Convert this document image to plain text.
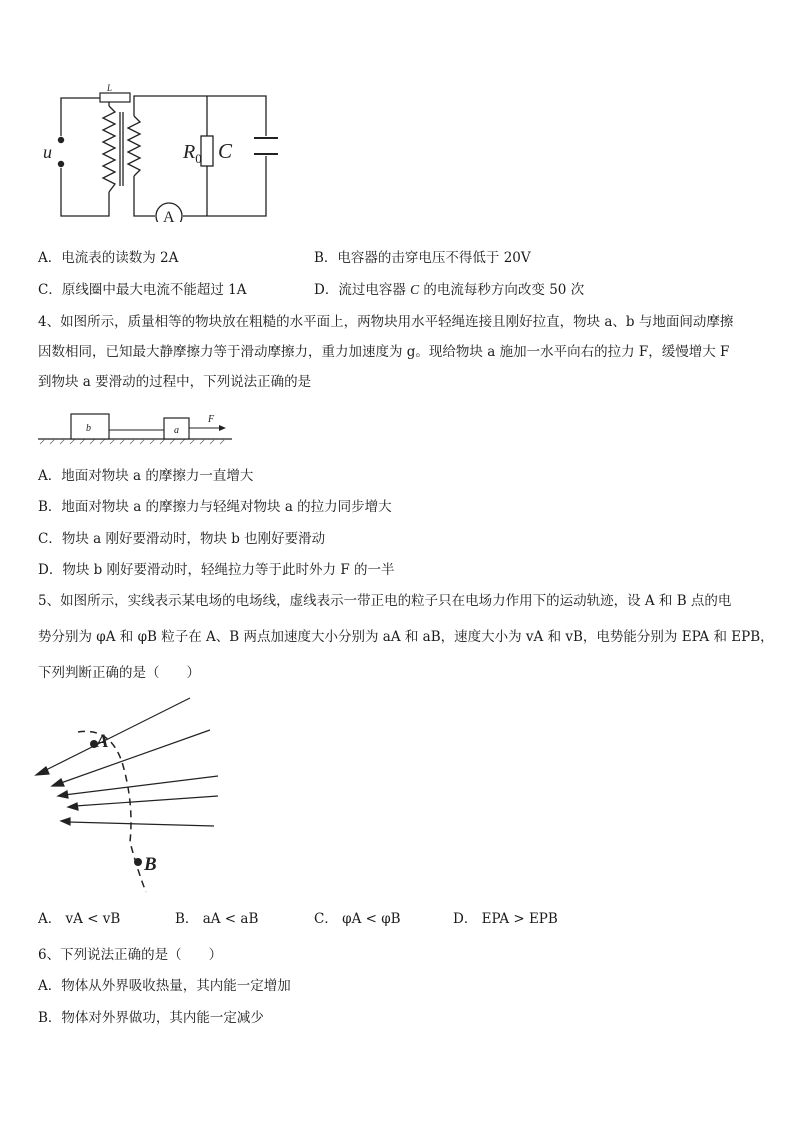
L
u	$R_0$ C
A
A．电流表的读数为 2A	B．电容器的击穿电压不得低于 20V
C．原线圈中最大电流不能超过 1A	D．流过电容器 C 的电流每秒方向改变 50 次
4、如图所示，质量相等的物块放在粗糙的水平面上，两物块用水平轻绳连接且刚好拉直，物块 a、b 与地面间动摩擦
因数相同，已知最大静摩擦力等于滑动摩擦力，重力加速度为 g。现给物块 a 施加一水平向右的拉力 F，缓慢增大 F
到物块 a 要滑动的过程中，下列说法正确的是
b	a
F
A．地面对物块 a 的摩擦力一直增大
B．地面对物块 a 的摩擦力与轻绳对物块 a 的拉力同步增大
C．物块 a 刚好要滑动时，物块 b 也刚好要滑动
D．物块 b 刚好要滑动时，轻绳拉力等于此时外力 F 的一半
5、如图所示，实线表示某电场的电场线，虚线表示一带正电的粒子只在电场力作用下的运动轨迹，设 A 和 B 点的电
势分别为 φA 和 φB 粒子在 A、B 两点加速度大小分别为 aA 和 aB，速度大小为 vA 和 vB，电势能分别为 EPA 和 EPB，
下列判断正确的是（　　）
A
B
A． vA < vB	B． aA < aB	C． φA < φB	D． EPA > EPB
6、下列说法正确的是（　　）
A．物体从外界吸收热量，其内能一定增加
B．物体对外界做功，其内能一定减少
